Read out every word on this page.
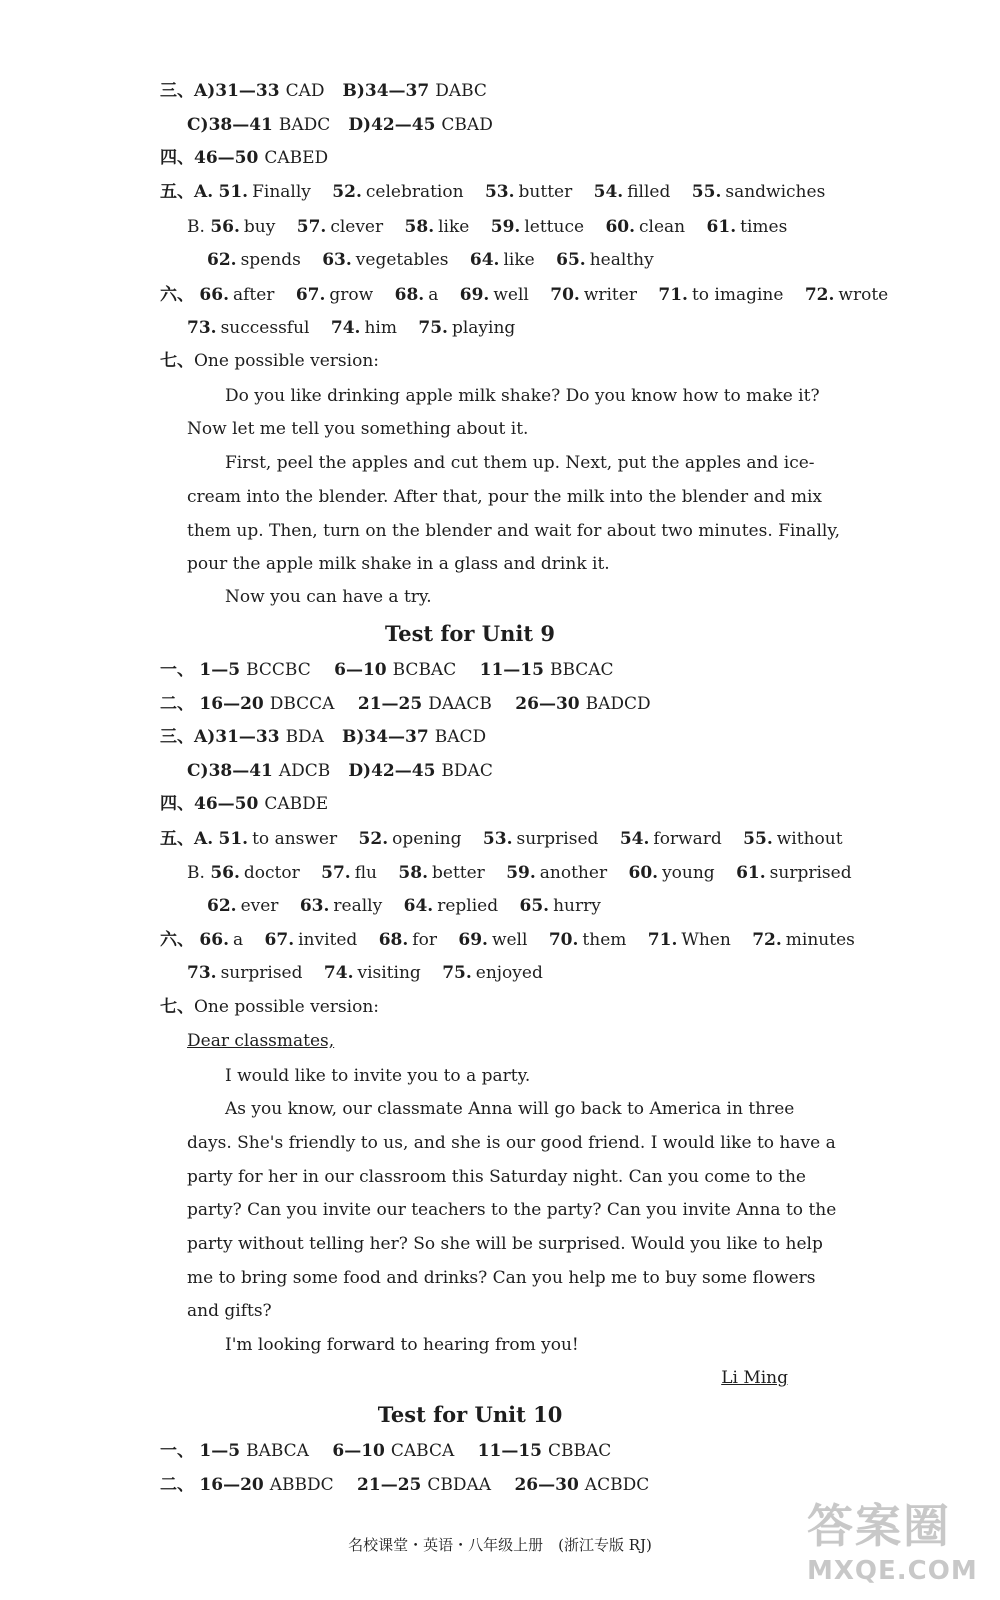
三、A)31—33 CAD B)34—37 DABC
C)38—41 BADC D)42—45 CBAD
四、46—50 CABED
五、A. 51. Finally 52. celebration 53. butter 54. filled 55. sandwiches
B. 56. buy 57. clever 58. like 59. lettuce 60. clean 61. times
62. spends 63. vegetables 64. like 65. healthy
六、 66. after 67. grow 68. a 69. well 70. writer 71. to imagine 72. wrote
73. successful 74. him 75. playing
七、One possible version:
Do you like drinking apple milk shake? Do you know how to make it?
Now let me tell you something about it.
First, peel the apples and cut them up. Next, put the apples and ice-
cream into the blender. After that, pour the milk into the blender and mix
them up. Then, turn on the blender and wait for about two minutes. Finally,
pour the apple milk shake in a glass and drink it.
Now you can have a try.
Test for Unit 9
一、 1—5 BCCBC 6—10 BCBAC 11—15 BBCAC
二、 16—20 DBCCA 21—25 DAACB 26—30 BADCD
三、A)31—33 BDA B)34—37 BACD
C)38—41 ADCB D)42—45 BDAC
四、46—50 CABDE
五、A. 51. to answer 52. opening 53. surprised 54. forward 55. without
B. 56. doctor 57. flu 58. better 59. another 60. young 61. surprised
62. ever 63. really 64. replied 65. hurry
六、 66. a 67. invited 68. for 69. well 70. them 71. When 72. minutes
73. surprised 74. visiting 75. enjoyed
七、One possible version:
Dear classmates,
I would like to invite you to a party.
As you know, our classmate Anna will go back to America in three
days. She's friendly to us, and she is our good friend. I would like to have a
party for her in our classroom this Saturday night. Can you come to the
party? Can you invite our teachers to the party? Can you invite Anna to the
party without telling her? So she will be surprised. Would you like to help
me to bring some food and drinks? Can you help me to buy some flowers
and gifts?
I'm looking forward to hearing from you!
Li Ming
Test for Unit 10
一、 1—5 BABCA 6—10 CABCA 11—15 CBBAC
二、 16—20 ABBDC 21—25 CBDAA 26—30 ACBDC
名校课堂・英语・八年级上册　(浙江专版 RJ)	答案圈
MXQE.COM
